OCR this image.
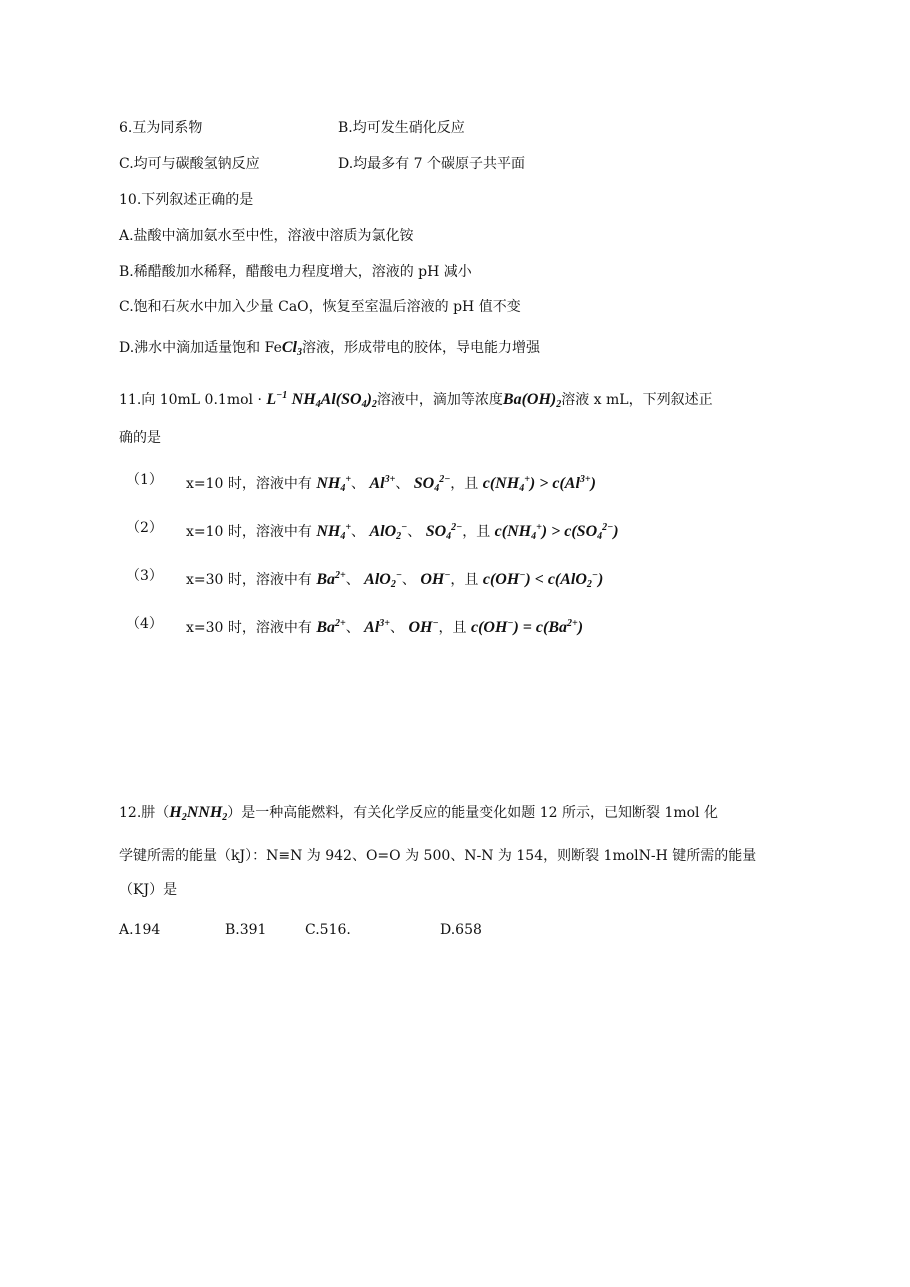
6.互为同系物	B.均可发生硝化反应
C.均可与碳酸氢钠反应	D.均最多有 7 个碳原子共平面
10.下列叙述正确的是
A.盐酸中滴加氨水至中性，溶液中溶质为氯化铵
B.稀醋酸加水稀释，醋酸电力程度增大，溶液的 pH 减小
C.饱和石灰水中加入少量 CaO，恢复至室温后溶液的 pH 值不变
D.沸水中滴加适量饱和 FeCl$_3$溶液，形成带电的胶体，导电能力增强
11.向 10mL $0.1mol \cdot L^{-1}$ $NH_4Al(SO_4)_2$溶液中，滴加等浓度$Ba(OH)_2$溶液 x mL，下列叙述正
确的是
（1） x=10 时，溶液中有 $NH_4^+$、 $Al^{3+}$、 $SO_4^{2-}$，且 $c(NH_4^+) > c(Al^{3+})$
（2） x=10 时，溶液中有 $NH_4^+$、 AlO$_2$−、 $SO_4^{2-}$，且 $c(NH_4^+) > c(SO_4^{2-})$
（3） x=30 时，溶液中有 $Ba^{2+}$、 AlO$_2$−、 OH−，且 c(OH−) < c(AlO$_2$−)
（4） x=30 时，溶液中有 $Ba^{2+}$、 $Al^{3+}$、 OH−，且 $c(OH^-) = c(Ba^{2+})$
12.肼$(H_2NNH_2)$是一种高能燃料，有关化学反应的能量变化如题 12 所示，已知断裂 1mol 化
学键所需的能量（kJ）：N≡N 为 942、O=O 为 500、N-N 为 154，则断裂 1molN-H 键所需的能量
（KJ）是
A.194	B.391	C.516.	D.658
